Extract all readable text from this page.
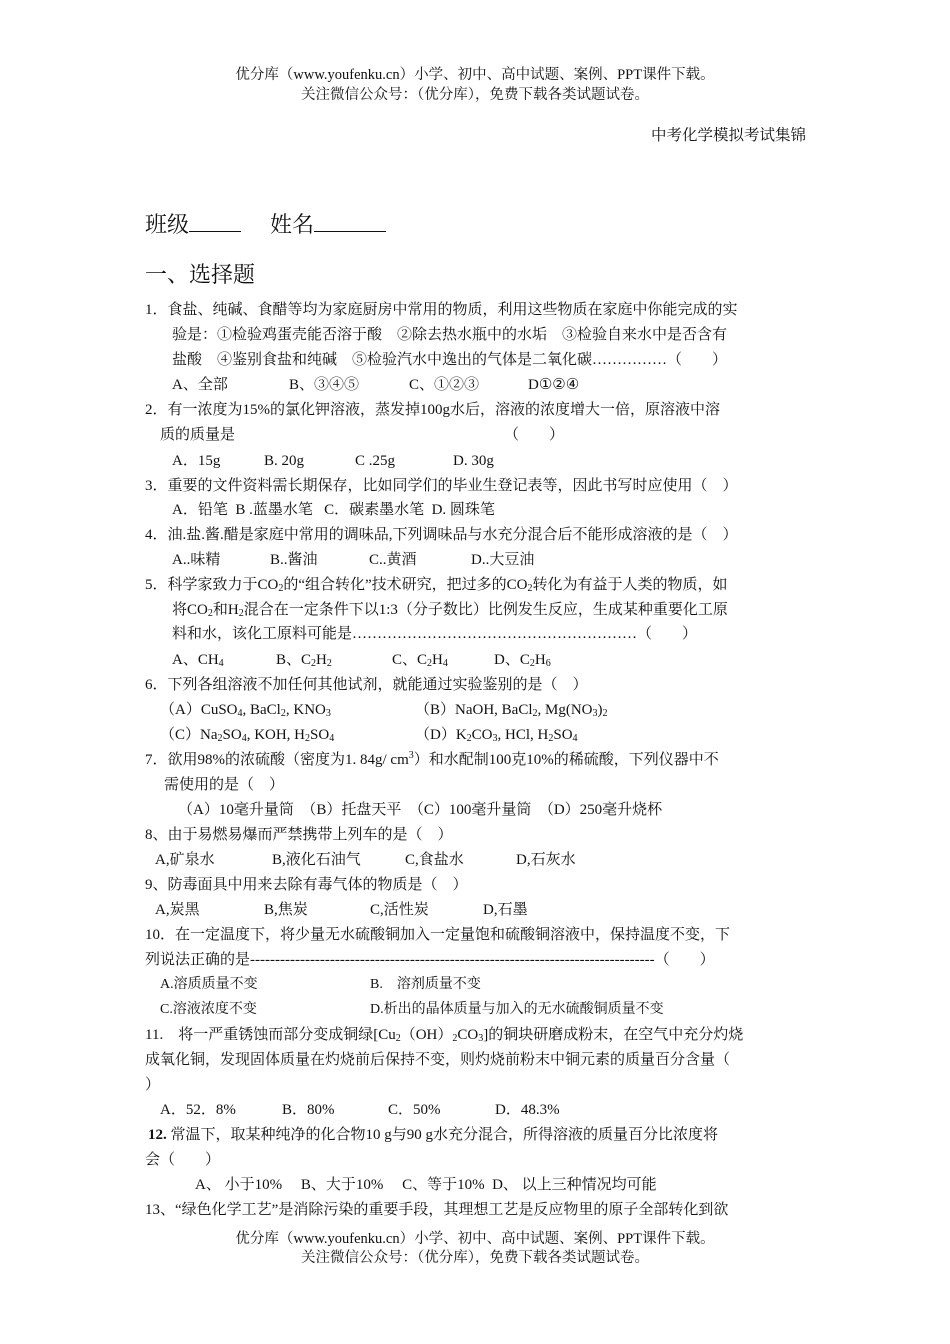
优分库（www.youfenku.cn）小学、初中、高中试题、案例、PPT课件下载。
关注微信公众号：（优分库），免费下载各类试题试卷。
中考化学模拟考试集锦
班级	姓名
一、选择题
1．食盐、纯碱、食醋等均为家庭厨房中常用的物质，利用这些物质在家庭中你能完成的实
验是：①检验鸡蛋壳能否溶于酸　②除去热水瓶中的水垢　③检验自来水中是否含有
盐酸　④鉴别食盐和纯碱　⑤检验汽水中逸出的气体是二氧化碳……………（　　）
A、全部	B、③④⑤	C、①②③	D①②④
2．有一浓度为15%的氯化钾溶液，蒸发掉100g水后，溶液的浓度增大一倍，原溶液中溶
质的质量是	（　　）
A．15g	B. 20g	C .25g	D. 30g
3．重要的文件资料需长期保存，比如同学们的毕业生登记表等，因此书写时应使用（　）
A．铅笔  B .蓝墨水笔   C．碳素墨水笔  D. 圆珠笔
4．油.盐.酱.醋是家庭中常用的调味品,下列调味品与水充分混合后不能形成溶液的是（　）
A..味精	B..酱油	C..黄酒	D..大豆油
5．科学家致力于$CO_2$的“组合转化”技术研究，把过多的$CO_2$转化为有益于人类的物质，如
将$CO_2$和$H_2$混合在一定条件下以1:3（分子数比）比例发生反应，生成某种重要化工原
料和水，该化工原料可能是…………………………………………………（　　）
A、$CH_4$	B、$C_2H_2$	C、$C_2H_4$	D、$C_2H_6$
6．下列各组溶液不加任何其他试剂，就能通过实验鉴别的是（　）
（A）CuSO$_4$, BaCl$_2$, $KNO_3$	（B）NaOH, BaCl$_2$, $Mg(NO_3)_2$
$(C)Na_2SO_4$, KOH, $H_2SO_4$	$(D)K_2CO_3$, HCl, $H_2SO_4$
7．欲用98%的浓硫酸（密度为1. 84g/ $cm^3$）和水配制100克10%的稀硫酸，下列仪器中不
需使用的是（　）
（A）10毫升量筒　（B）托盘天平　（C）100毫升量筒　（D）250毫升烧杯
8、由于易燃易爆而严禁携带上列车的是（　）
A,矿泉水	B,液化石油气	C,食盐水	D,石灰水
9、防毒面具中用来去除有毒气体的物质是（　）
A,炭黑	B,焦炭	C,活性炭	D,石墨
10．在一定温度下，将少量无水硫酸铜加入一定量饱和硫酸铜溶液中，保持温度不变，下
列说法正确的是---------------------------------------------------------------------------------（　　）
A.溶质质量不变	B.　溶剂质量不变
C.溶液浓度不变	D.析出的晶体质量与加入的无水硫酸铜质量不变
11.　将一严重锈蚀而部分变成铜绿$[Cu_2(OH)_2CO_3]$的铜块研磨成粉末，在空气中充分灼烧
成氧化铜，发现固体质量在灼烧前后保持不变，则灼烧前粉末中铜元素的质量百分含量（
）
A．52．8%	B．80%	C．50%	D．48.3%
12. 常温下，取某种纯净的化合物10 g与90 g水充分混合，所得溶液的质量百分比浓度将
会（　　）
A、 小于10%　 B、大于10%　 C、等于10%  D、 以上三种情况均可能
13、“绿色化学工艺”是消除污染的重要手段，其理想工艺是反应物里的原子全部转化到欲
优分库（www.youfenku.cn）小学、初中、高中试题、案例、PPT课件下载。
关注微信公众号：（优分库），免费下载各类试题试卷。
